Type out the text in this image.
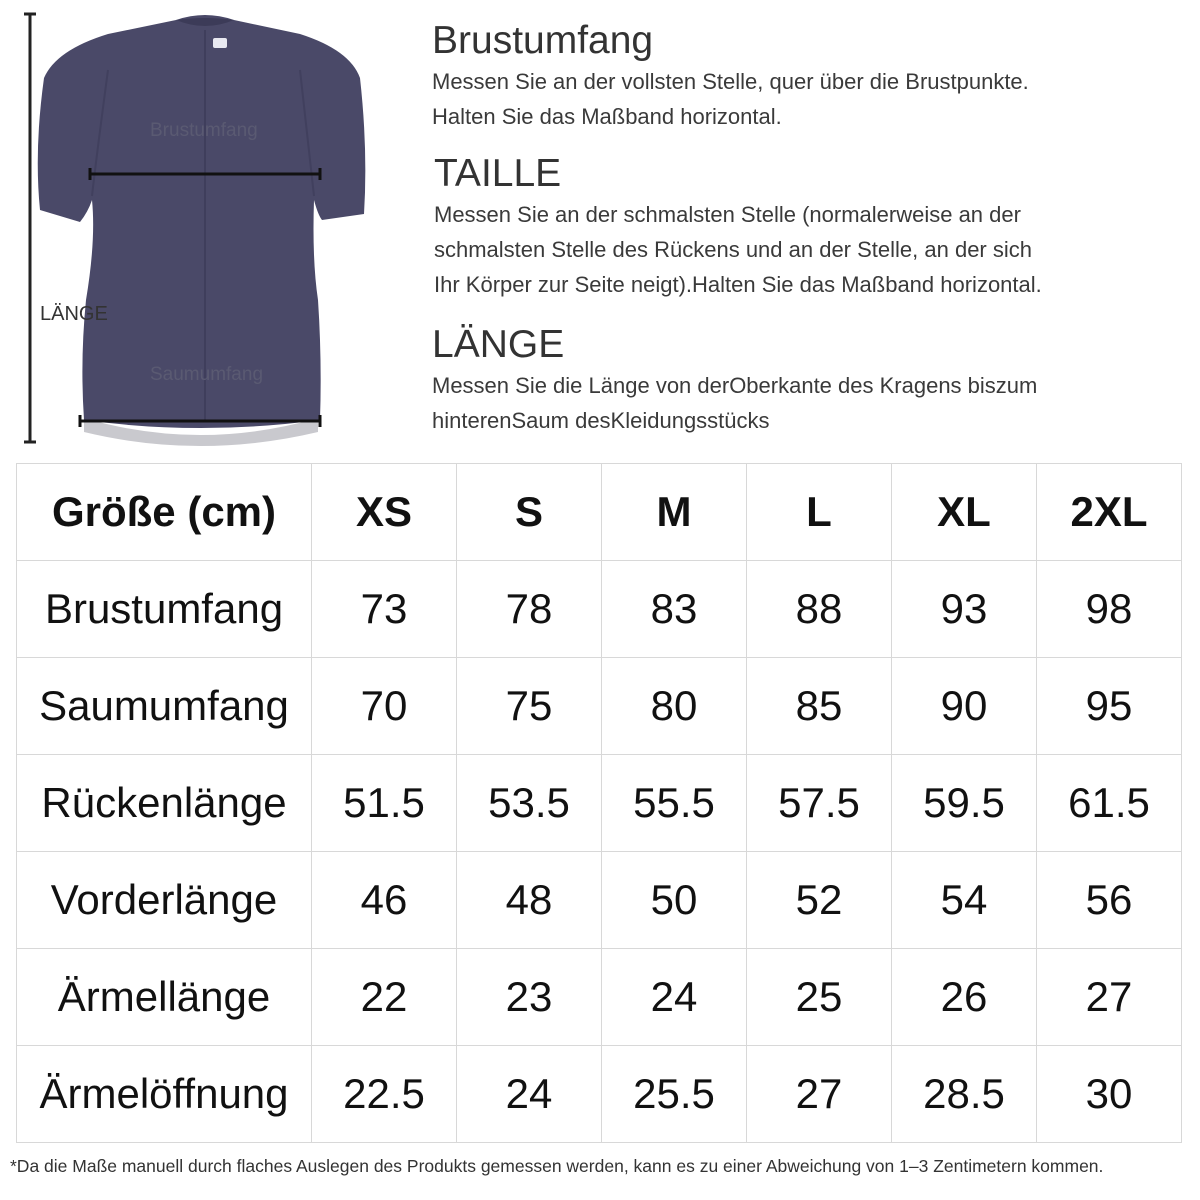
Brustumfang
Saumumfang
LÄNGE
Brustumfang

Messen Sie an der vollsten Stelle, quer über die Brustpunkte.
Halten Sie das Maßband horizontal.

TAILLE

Messen Sie an der schmalsten Stelle (normalerweise an der
schmalsten Stelle des Rückens und an der Stelle, an der sich
Ihr Körper zur Seite neigt).Halten Sie das Maßband horizontal.

LÄNGE

Messen Sie die Länge von derOberkante des Kragens biszum
hinterenSaum desKleidungsstücks

Größe (cm)	XS	S	M	L	XL	2XL
Brustumfang	73	78	83	88	93	98
Saumumfang	70	75	80	85	90	95
Rückenlänge	51.5	53.5	55.5	57.5	59.5	61.5
Vorderlänge	46	48	50	52	54	56
Ärmellänge	22	23	24	25	26	27
Ärmelöffnung	22.5	24	25.5	27	28.5	30
*Da die Maße manuell durch flaches Auslegen des Produkts gemessen werden, kann es zu einer Abweichung von 1–3 Zentimetern kommen.
